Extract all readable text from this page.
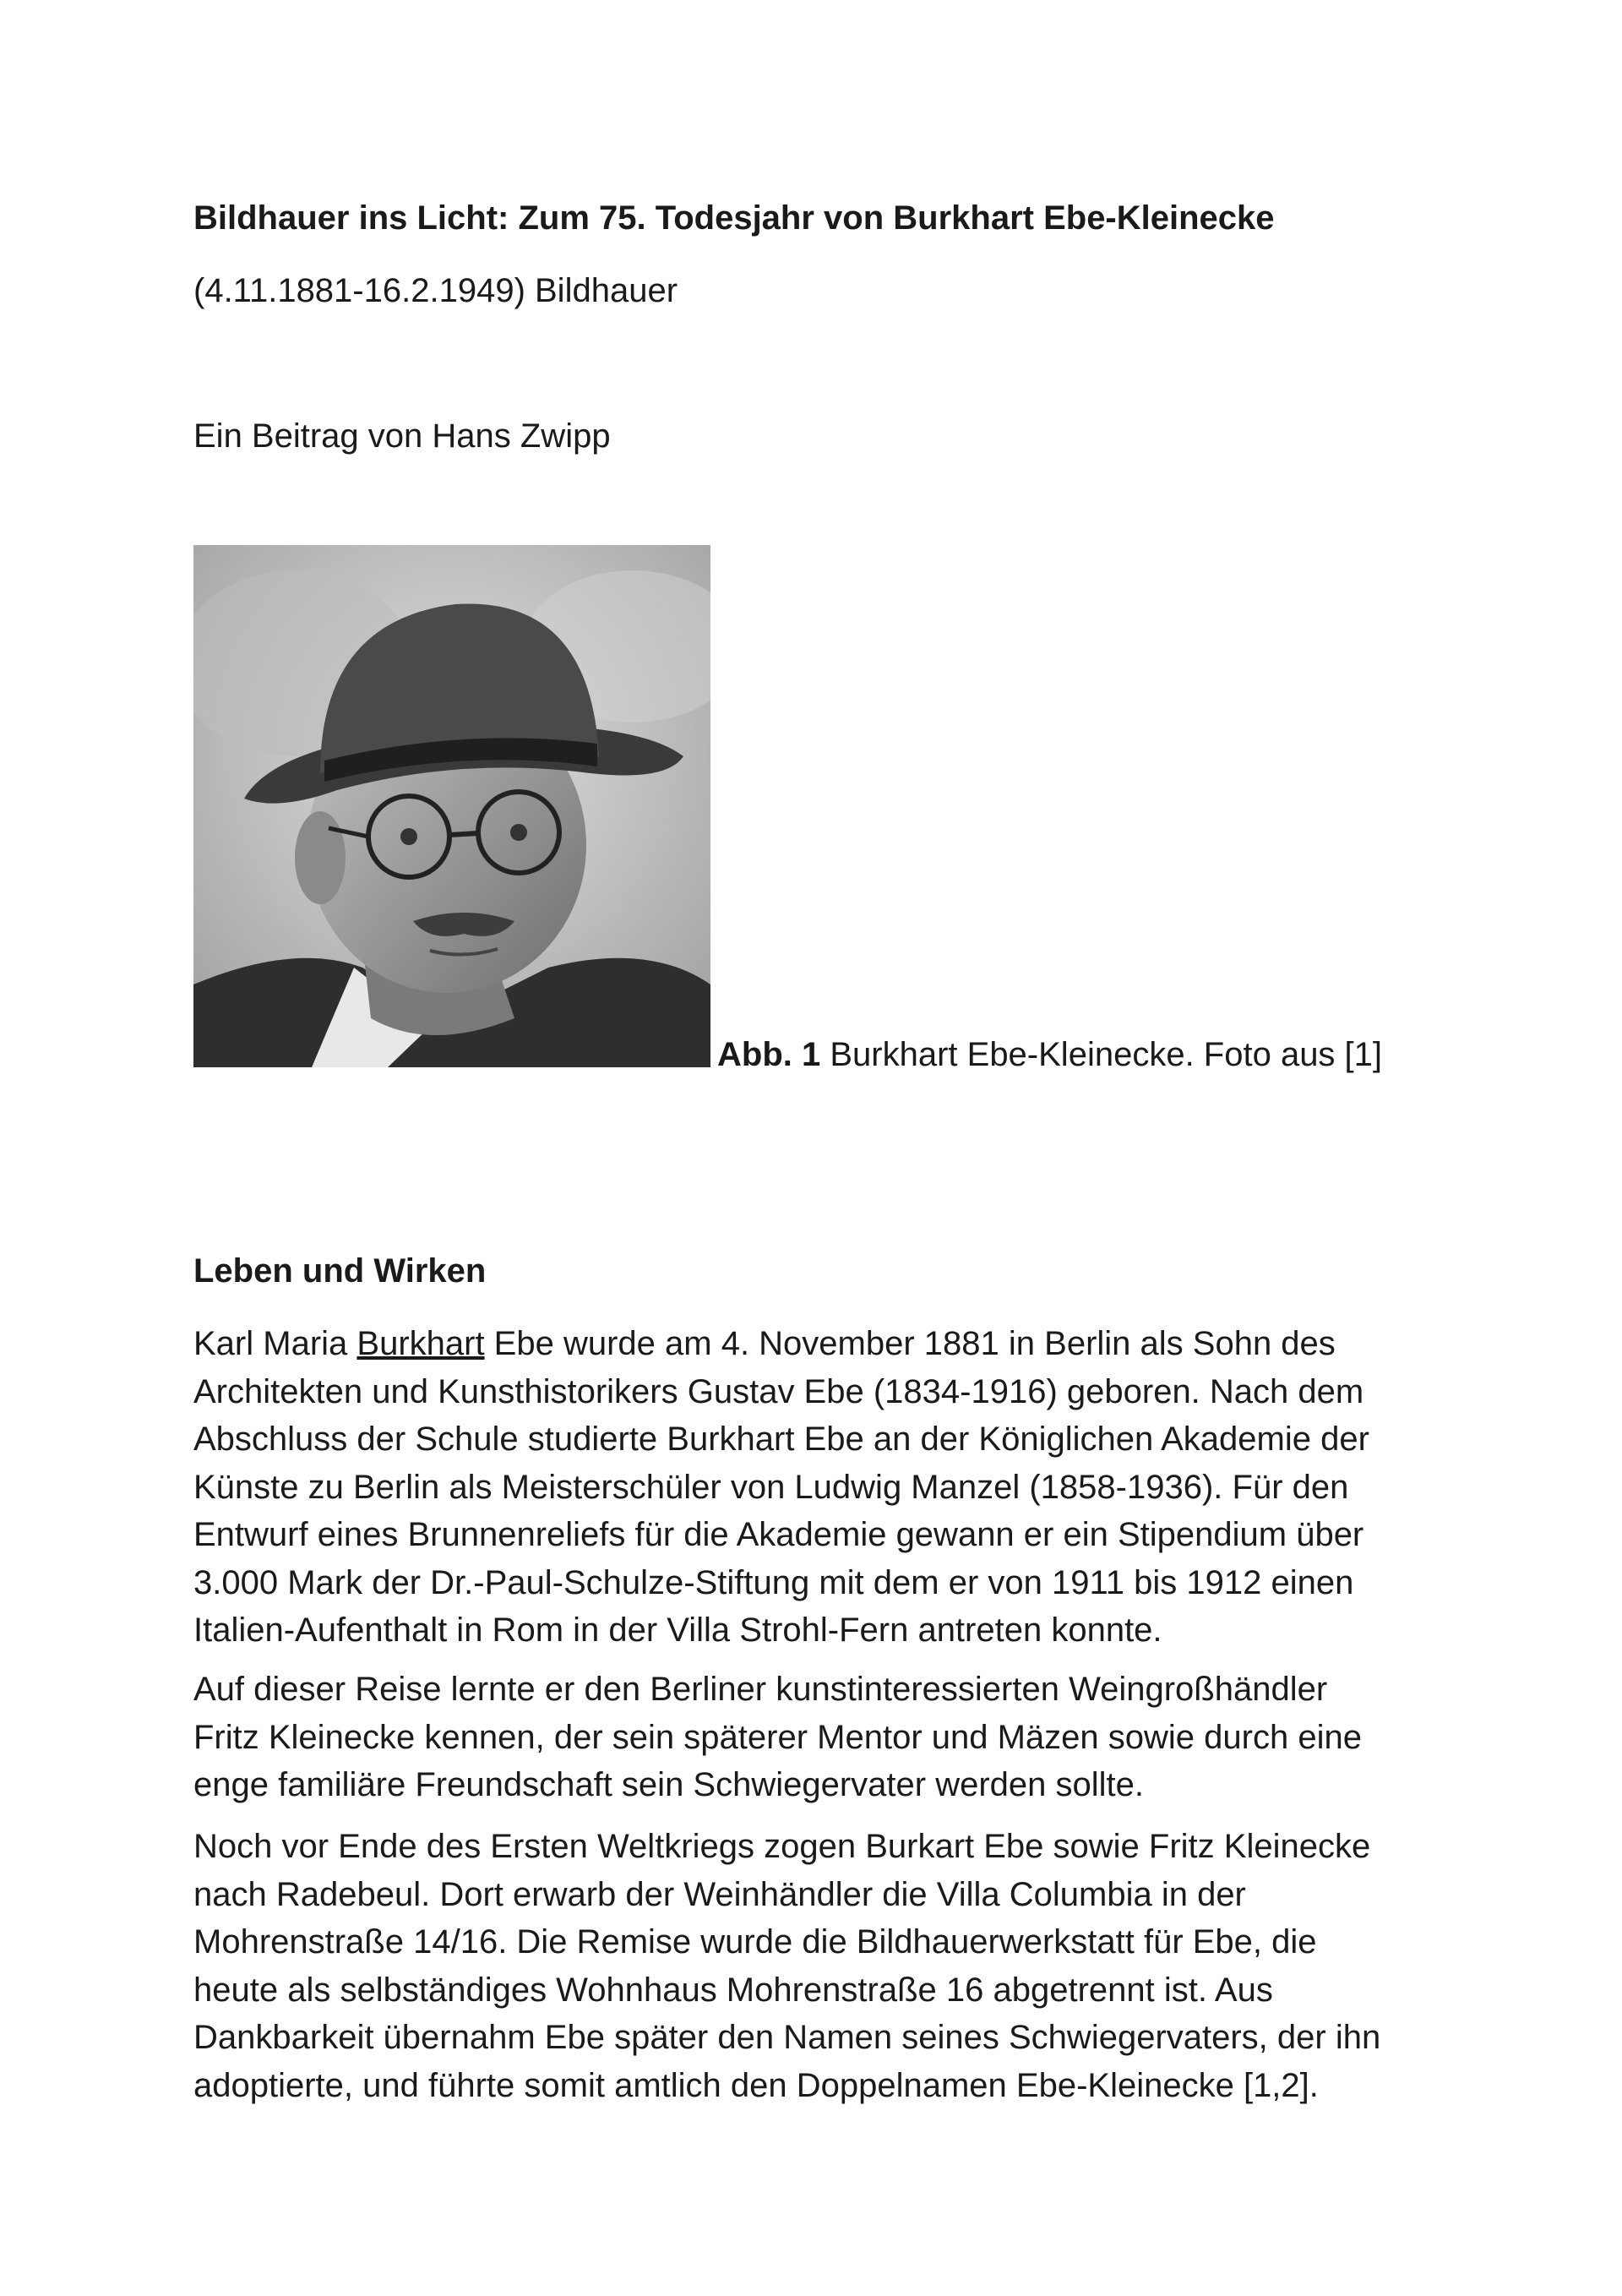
Bildhauer ins Licht: Zum 75. Todesjahr von Burkhart Ebe-Kleinecke

(4.11.1881-16.2.1949) Bildhauer

Ein Beitrag von Hans Zwipp

Abb. 1 Burkhart Ebe-Kleinecke. Foto aus [1]

Leben und Wirken

Karl Maria Burkhart Ebe wurde am 4. November 1881 in Berlin als Sohn des
Architekten und Kunsthistorikers Gustav Ebe (1834-1916) geboren. Nach dem
Abschluss der Schule studierte Burkhart Ebe an der Königlichen Akademie der
Künste zu Berlin als Meisterschüler von Ludwig Manzel (1858-1936). Für den
Entwurf eines Brunnenreliefs für die Akademie gewann er ein Stipendium über
3.000 Mark der Dr.-Paul-Schulze-Stiftung mit dem er von 1911 bis 1912 einen
Italien-Aufenthalt in Rom in der Villa Strohl-Fern antreten konnte.

Auf dieser Reise lernte er den Berliner kunstinteressierten Weingroßhändler
Fritz Kleinecke kennen, der sein späterer Mentor und Mäzen sowie durch eine
enge familiäre Freundschaft sein Schwiegervater werden sollte.

Noch vor Ende des Ersten Weltkriegs zogen Burkart Ebe sowie Fritz Kleinecke
nach Radebeul. Dort erwarb der Weinhändler die Villa Columbia in der
Mohrenstraße 14/16. Die Remise wurde die Bildhauerwerkstatt für Ebe, die
heute als selbständiges Wohnhaus Mohrenstraße 16 abgetrennt ist. Aus
Dankbarkeit übernahm Ebe später den Namen seines Schwiegervaters, der ihn
adoptierte, und führte somit amtlich den Doppelnamen Ebe-Kleinecke [1,2].
